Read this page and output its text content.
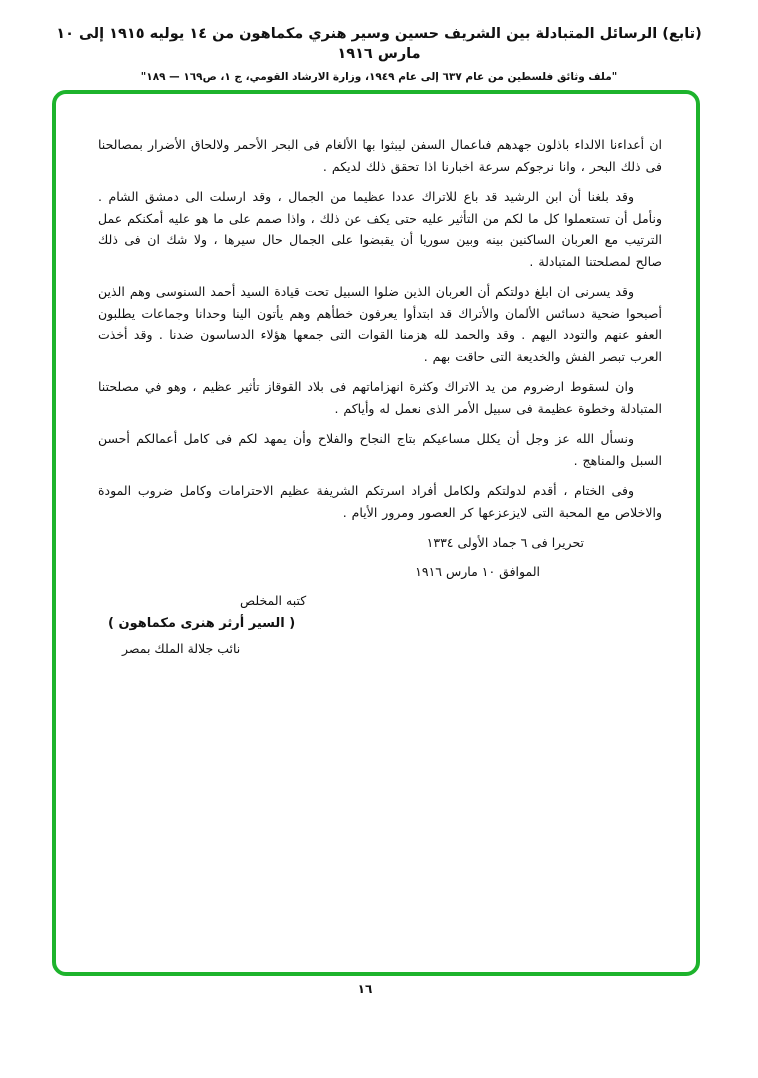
(تابع) الرسائل المتبادلة بين الشريف حسين وسير هنري مكماهون من ١٤ يوليه ١٩١٥ إلى ١٠ مارس ١٩١٦
"ملف وثائق فلسطين من عام ٦٣٧ إلى عام ١٩٤٩، وزارة الارشاد القومي، ج ١، ص١٦٩ — ١٨٩"

ان أعداءنا الالداء باذلون جهدهم فىاعمال السفن ليبثوا بها الألغام فى البحر الأحمر ولالحاق الأضرار بمصالحنا فى ذلك البحر ، وانا نرجوكم سرعة اخبارنا اذا تحقق ذلك لديكم .

وقد بلغنا أن ابن الرشيد قد باع للاتراك عددا عظيما من الجمال ، وقد ارسلت الى دمشق الشام . ونأمل أن تستعملوا كل ما لكم من التأثير عليه حتى يكف عن ذلك ، واذا صمم على ما هو عليه أمكنكم عمل الترتيب مع العربان الساكنين بينه وبين سوريا أن يقبضوا على الجمال حال سيرها ، ولا شك ان فى ذلك صالح لمصلحتنا المتبادلة .

وقد يسرنى ان ابلغ دولتكم أن العربان الذين ضلوا السبيل تحت قيادة السيد أحمد السنوسى وهم الذين أصبحوا ضحية دسائس الألمان والأتراك قد ابتدأوا يعرفون خطأهم وهم يأتون الينا وحدانا وجماعات يطلبون العفو عنهم والتودد اليهم . وقد والحمد لله هزمنا القوات التى جمعها هؤلاء الدساسون ضدنا . وقد أخذت العرب تبصر الفش والخديعة التى حاقت بهم .

وان لسقوط ارضروم من يد الاتراك وكثرة انهزاماتهم فى بلاد القوقاز تأثير عظيم ، وهو في مصلحتنا المتبادلة وخطوة عظيمة فى سبيل الأمر الذى نعمل له وأياكم .

ونسأل الله عز وجل أن يكلل مساعيكم بتاج النجاح والفلاح وأن يمهد لكم فى كامل أعمالكم أحسن السبل والمناهج .

وفى الختام ، أقدم لدولتكم ولكامل أفراد اسرتكم الشريفة عظيم الاحترامات وكامل ضروب المودة والاخلاص مع المحبة التى لايزعزعها كر العصور ومرور الأيام .

تحريرا فى ٦ جماد الأولى ١٣٣٤
الموافق ١٠ مارس ١٩١٦
كتبه المخلص
( السير أرثر هنرى مكماهون )
نائب جلالة الملك بمصر
١٦
